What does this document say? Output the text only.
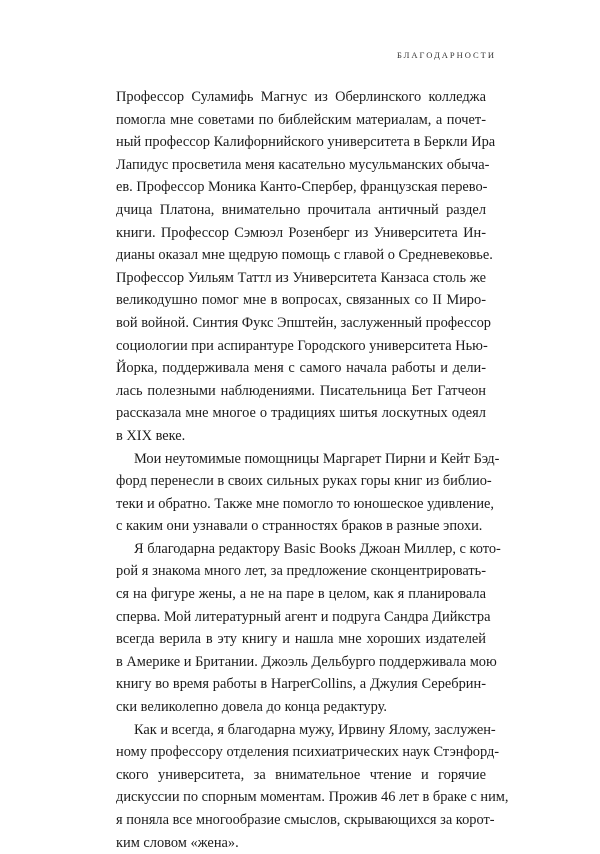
БЛАГОДАРНОСТИ
Профессор Суламифь Магнус из Оберлинского колледжа
помогла мне советами по библейским материалам, а почет-
ный профессор Калифорнийского университета в Беркли Ира
Лапидус просветила меня касательно мусульманских обычa-
ев. Профессор Моника Канто-Спербер, французская перево-
дчица Платона, внимательно прочитала античный раздел
книги. Профессор Сэмюэл Розенберг из Университета Ин-
дианы оказал мне щедрую помощь с главой о Средневековье.
Профессор Уильям Таттл из Университета Канзаса столь же
великодушно помог мне в вопросах, связанных со II Миро-
вой войной. Синтия Фукс Эпштейн, заслуженный профессор
социологии при аспирантуре Городского университета Нью-
Йорка, поддерживала меня с самого начала работы и дели-
лась полезными наблюдениями. Писательница Бет Гатчеон
рассказала мне многое о традициях шитья лоскутных одеял
в XIX веке.
Мои неутомимые помощницы Маргарет Пирни и Кейт Бэд-
форд перенесли в своих сильных руках горы книг из библио-
теки и обратно. Также мне помогло то юношеское удивление,
с каким они узнавали о странностях браков в разные эпохи.
Я благодарна редактору Basic Books Джоан Миллер, с кото-
рой я знакома много лет, за предложение сконцентрировать-
ся на фигуре жены, а не на паре в целом, как я планировала
сперва. Мой литературный агент и подруга Сандра Дийкстра
всегда верила в эту книгу и нашла мне хороших издателей
в Америке и Британии. Джоэль Дельбурго поддерживала мою
книгу во время работы в HarperCollins, а Джулия Серебрин-
ски великолепно довела до конца редактуру.
Как и всегда, я благодарна мужу, Ирвину Ялому, заслужен-
ному профессору отделения психиатрических наук Стэнфорд-
ского университета, за внимательное чтение и горячие
дискуссии по спорным моментам. Прожив 46 лет в браке с ним,
я поняла все многообразие смыслов, скрывающихся за корот-
ким словом «жена».
